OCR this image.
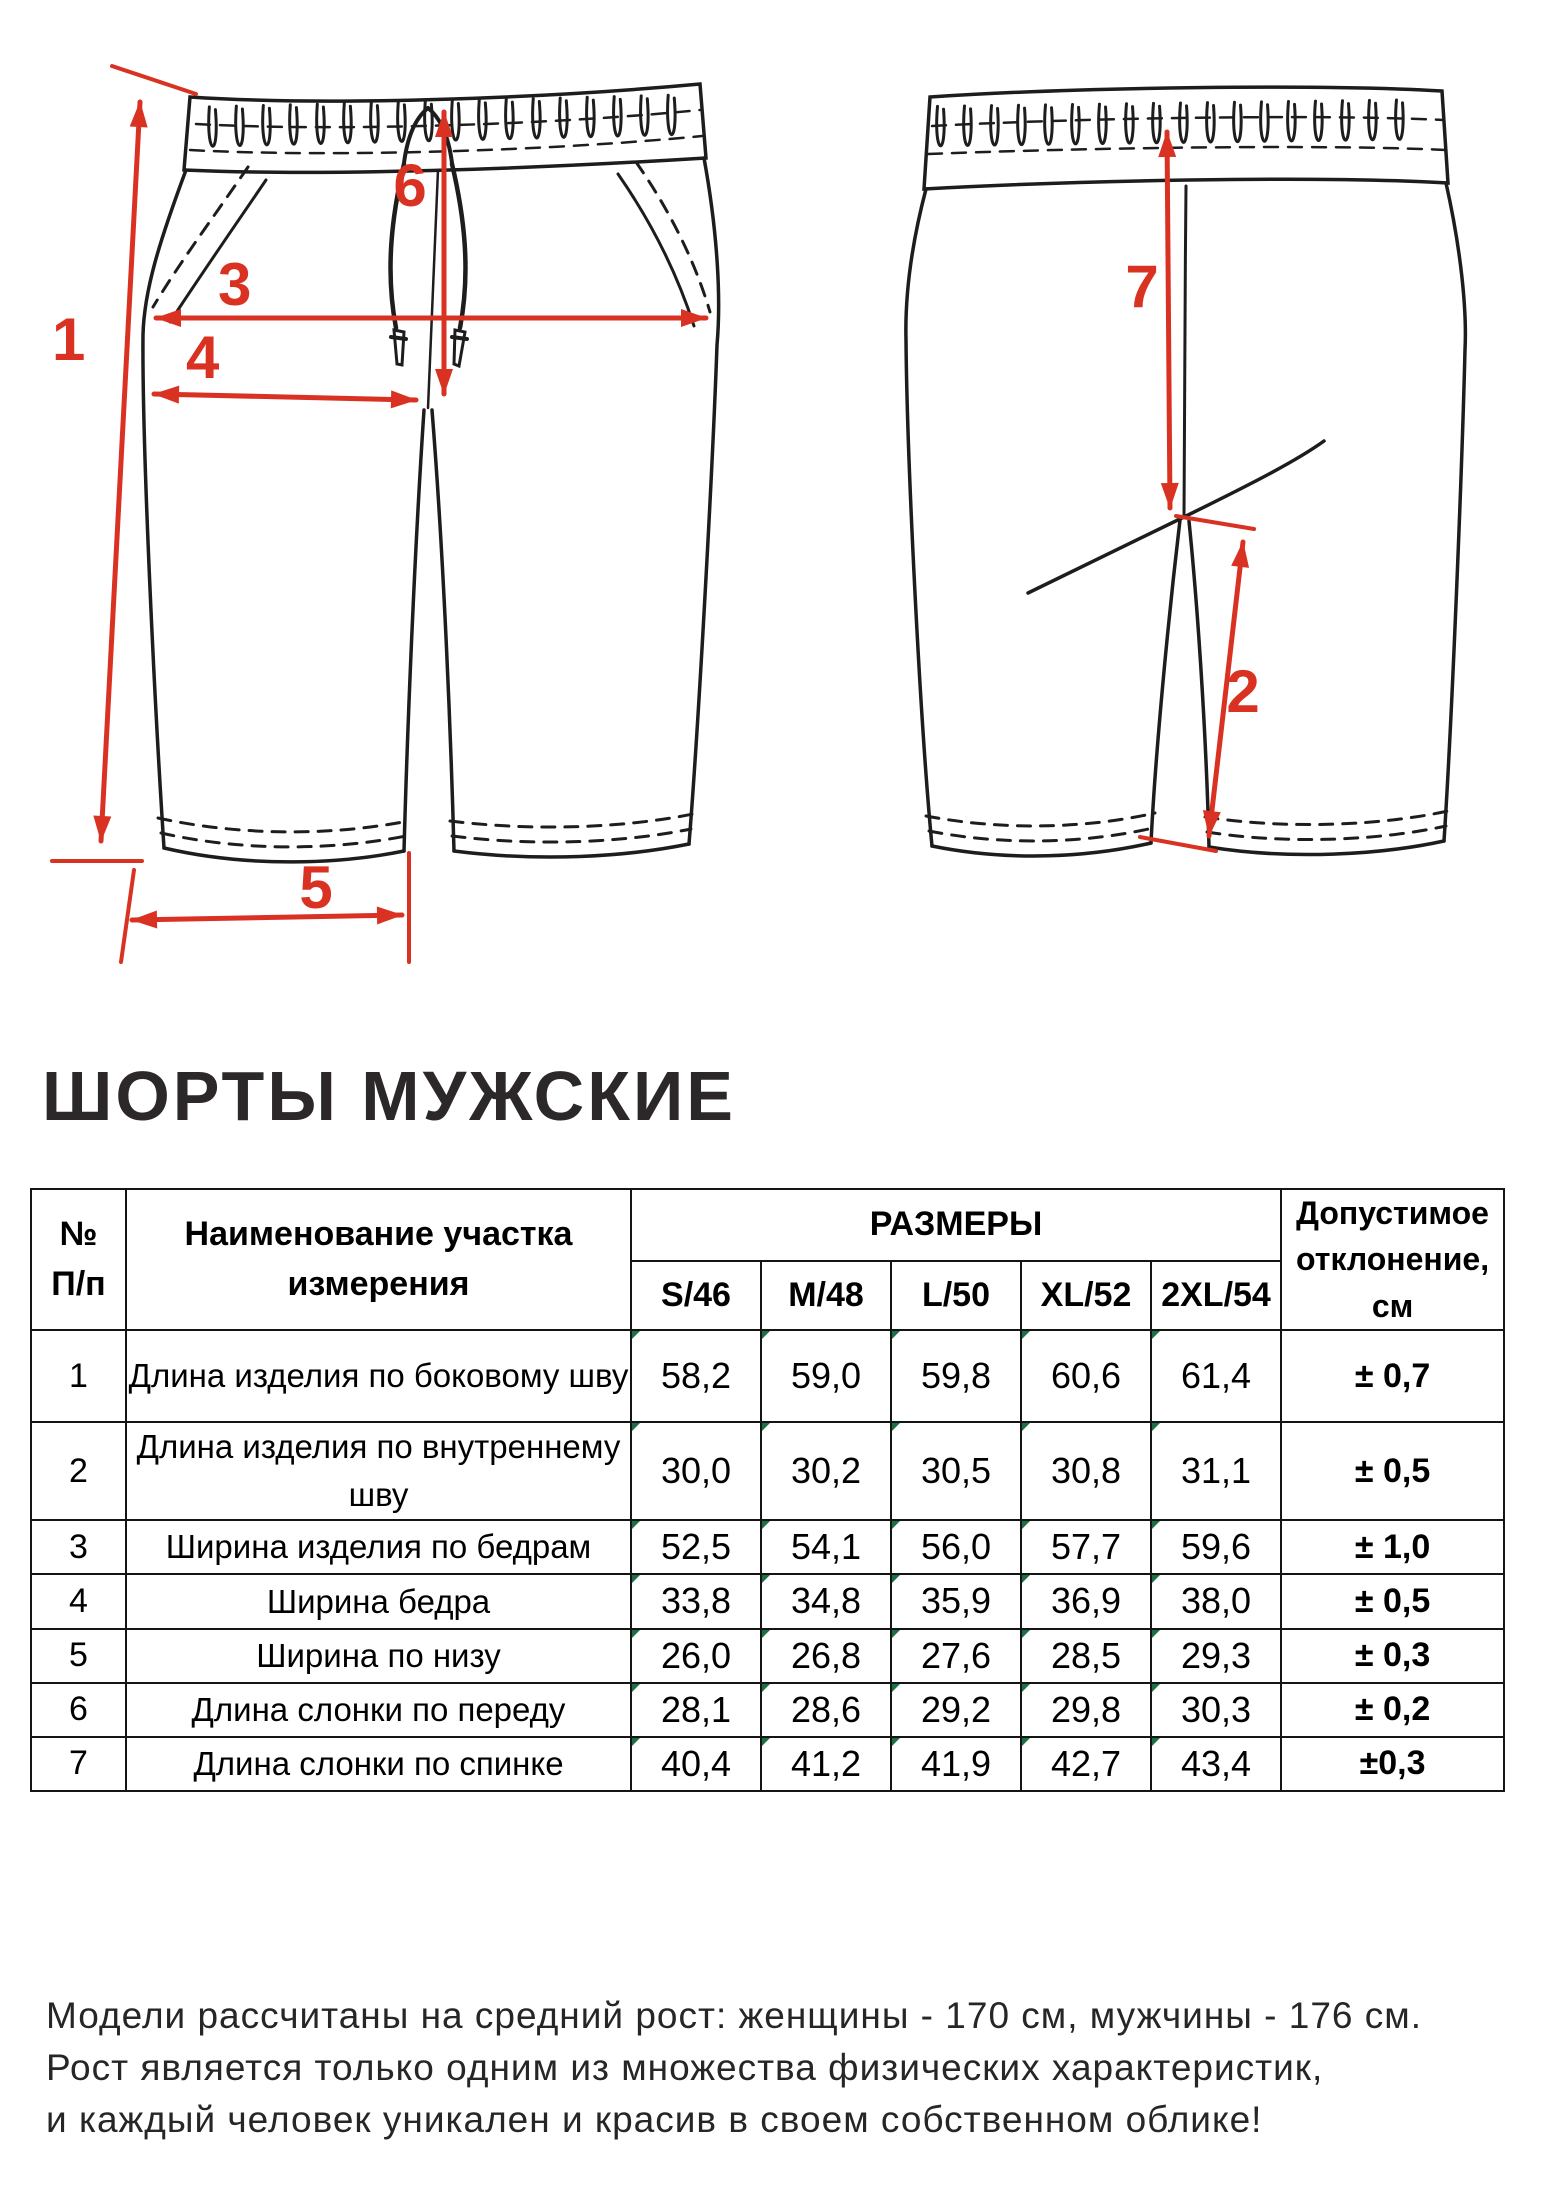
1
3
4
6
5
7
2
ШОРТЫ МУЖСКИЕ
№
П/п	Наименование участка измерения	РАЗМЕРЫ					Допустимое отклонение, см
		S/46	M/48	L/50	XL/52	2XL/54	
1	Длина изделия по боковому шву	58,2	59,0	59,8	60,6	61,4	± 0,7
2	Длина изделия по внутреннему шву	30,0	30,2	30,5	30,8	31,1	± 0,5
3	Ширина изделия по бедрам	52,5	54,1	56,0	57,7	59,6	± 1,0
4	Ширина бедра	33,8	34,8	35,9	36,9	38,0	± 0,5
5	Ширина по низу	26,0	26,8	27,6	28,5	29,3	± 0,3
6	Длина слонки по переду	28,1	28,6	29,2	29,8	30,3	± 0,2
7	Длина слонки по спинке	40,4	41,2	41,9	42,7	43,4	±0,3
Модели рассчитаны на средний рост: женщины - 170 см, мужчины - 176 см.
Рост является только одним из множества физических характеристик,
и каждый человек уникален и красив в своем собственном облике!
